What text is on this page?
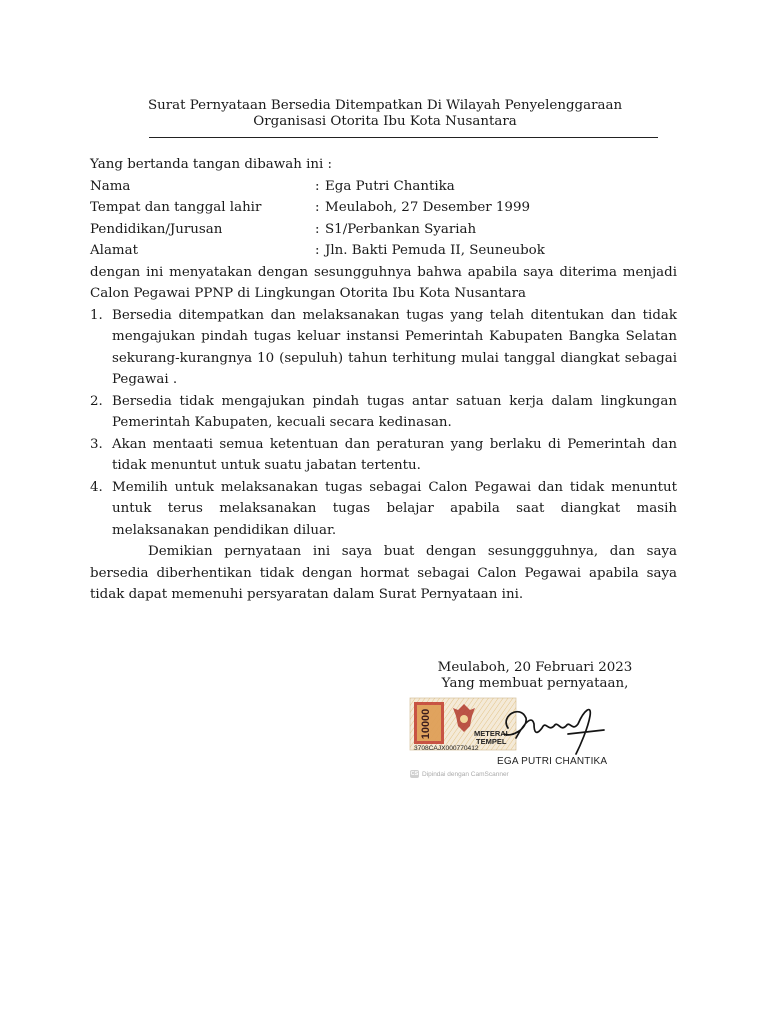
Surat Pernyataan Bersedia Ditempatkan Di Wilayah Penyelenggaraan
Organisasi Otorita Ibu Kota Nusantara

Yang bertanda tangan dibawah ini :

Nama	: Ega Putri Chantika
Tempat dan tanggal lahir	: Meulaboh, 27 Desember 1999
Pendidikan/Jurusan	: S1/Perbankan Syariah
Alamat	: Jln. Bakti Pemuda II, Seuneubok

dengan ini menyatakan dengan sesungguhnya bahwa apabila saya diterima menjadi Calon Pegawai PPNP di Lingkungan Otorita Ibu Kota Nusantara

1. Bersedia ditempatkan dan melaksanakan tugas yang telah ditentukan dan tidak mengajukan pindah tugas keluar instansi Pemerintah Kabupaten Bangka Selatan sekurang-kurangnya 10 (sepuluh) tahun terhitung mulai tanggal diangkat sebagai Pegawai .
2. Bersedia tidak mengajukan pindah tugas antar satuan kerja dalam lingkungan Pemerintah Kabupaten, kecuali secara kedinasan.
3. Akan mentaati semua ketentuan dan peraturan yang berlaku di Pemerintah dan tidak menuntut untuk suatu jabatan tertentu.
4. Memilih untuk melaksanakan tugas sebagai Calon Pegawai dan tidak menuntut untuk terus melaksanakan tugas belajar apabila saat diangkat masih melaksanakan pendidikan diluar.

Demikian pernyataan ini saya buat dengan sesunggguhnya, dan saya bersedia diberhentikan tidak dengan hormat sebagai Calon Pegawai apabila saya tidak dapat memenuhi persyaratan dalam Surat Pernyataan ini.

Meulaboh, 20 Februari 2023
Yang membuat pernyataan,
10000	METERAI
TEMPEL
3708CAJX000770412
EGA PUTRI CHANTIKA
CS Dipindai dengan CamScanner
